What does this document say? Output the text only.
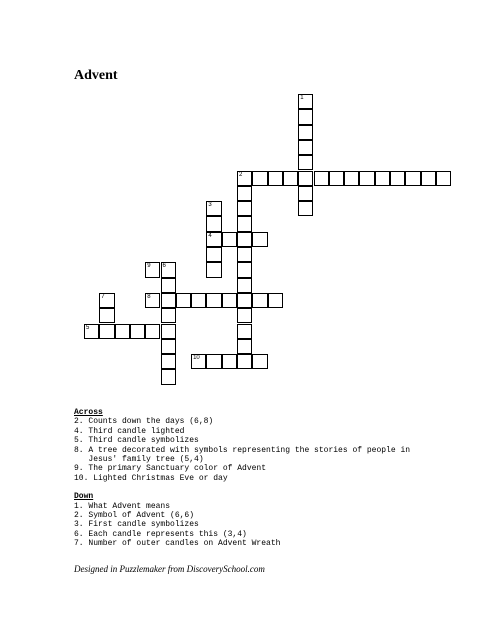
Advent
1
2
3
4
9 6
7	8
5
10
Across
2. Counts down the days (6,8)
4. Third candle lighted
5. Third candle symbolizes
8. A tree decorated with symbols representing the stories of people in
Jesus' family tree (5,4)
9. The primary Sanctuary color of Advent
10. Lighted Christmas Eve or day
Down
1. What Advent means
2. Symbol of Advent (6,6)
3. First candle symbolizes
6. Each candle represents this (3,4)
7. Number of outer candles on Advent Wreath
Designed in Puzzlemaker from DiscoverySchool.com
